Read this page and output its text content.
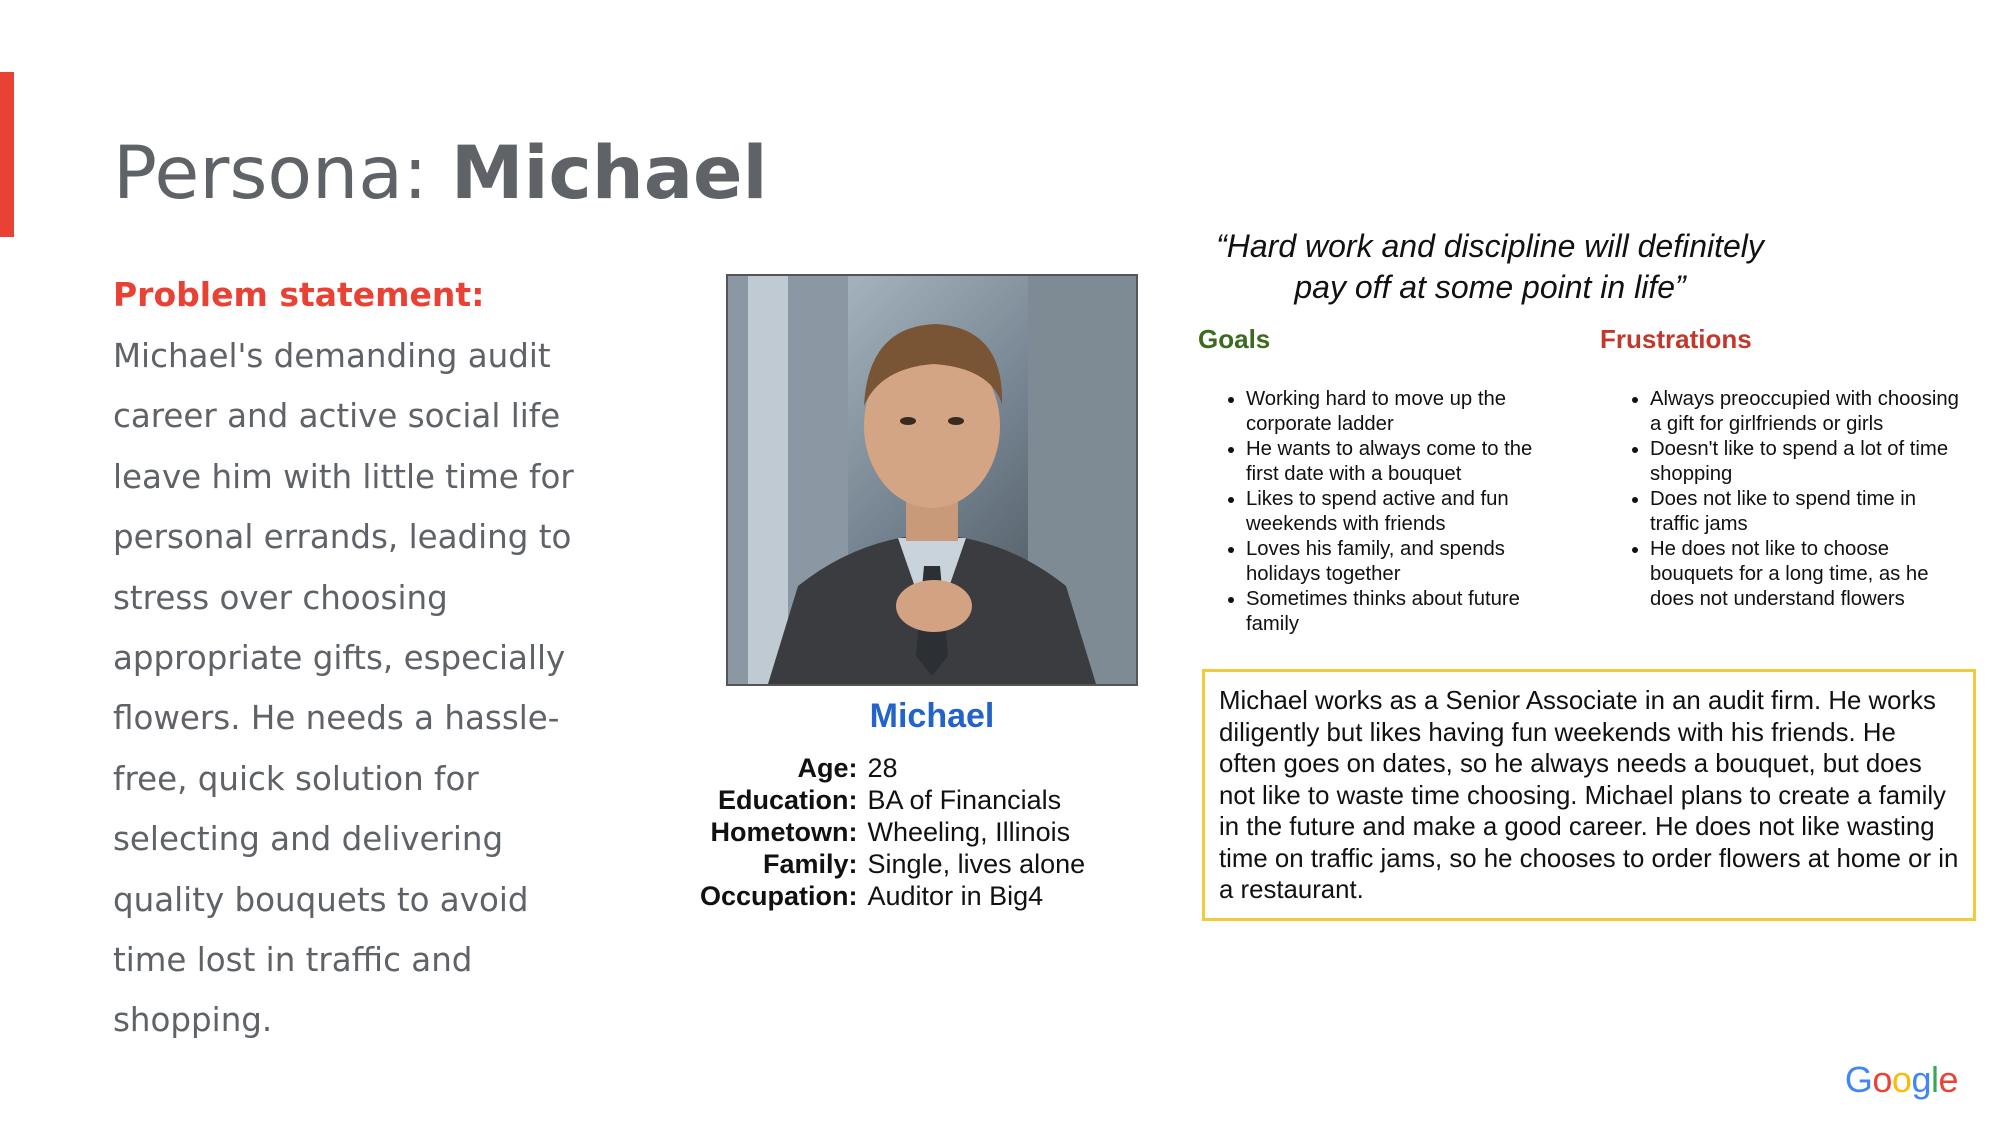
Persona: Michael

Problem statement:

Michael's demanding audit career and active social life leave him with little time for personal errands, leading to stress over choosing appropriate gifts, especially flowers. He needs a hassle-free, quick solution for selecting and delivering quality bouquets to avoid time lost in traffic and shopping.

Michael
Age:	28
Education:	BA of Financials
Hometown:	Wheeling, Illinois
Family:	Single, lives alone
Occupation:	Auditor in Big4

“Hard work and discipline will definitely pay off at some point in life”

Goals	Frustrations
• Working hard to move up the corporate ladder
• He wants to always come to the first date with a bouquet
• Likes to spend active and fun weekends with friends
• Loves his family, and spends holidays together
• Sometimes thinks about future family
• Always preoccupied with choosing a gift for girlfriends or girls
• Doesn't like to spend a lot of time shopping
• Does not like to spend time in traffic jams
• He does not like to choose bouquets for a long time, as he does not understand flowers
Michael works as a Senior Associate in an audit firm. He works diligently but likes having fun weekends with his friends. He often goes on dates, so he always needs a bouquet, but does not like to waste time choosing. Michael plans to create a family in the future and make a good career. He does not like wasting time on traffic jams, so he chooses to order flowers at home or in a restaurant.
Google
